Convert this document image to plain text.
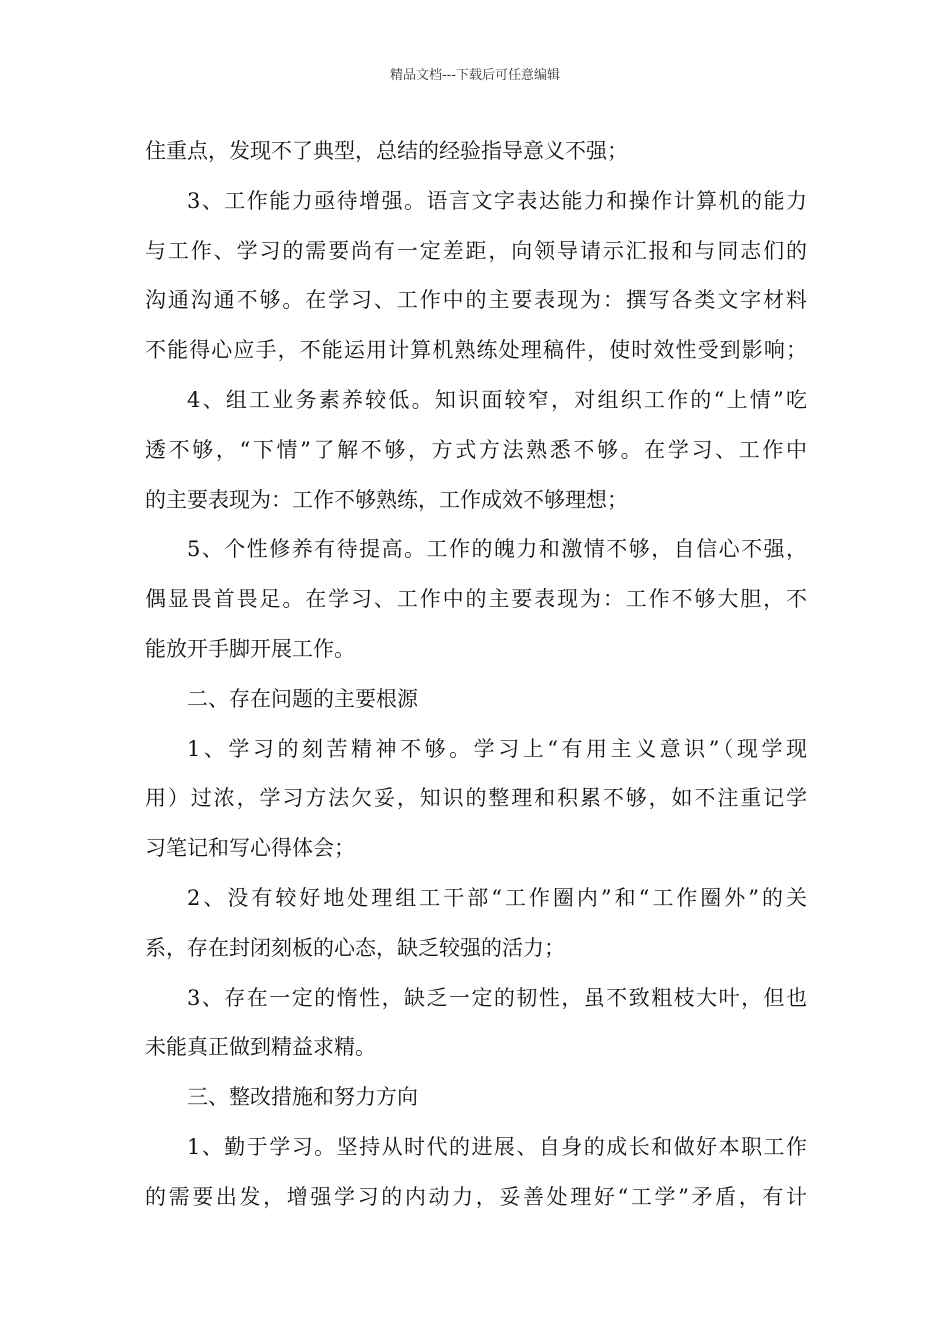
精品文档---下载后可任意编辑
住重点，发现不了典型，总结的经验指导意义不强；
3、工作能力亟待增强。语言文字表达能力和操作计算机的能力
与工作、学习的需要尚有一定差距，向领导请示汇报和与同志们的
沟通沟通不够。在学习、工作中的主要表现为：撰写各类文字材料
不能得心应手，不能运用计算机熟练处理稿件，使时效性受到影响；
4、组工业务素养较低。知识面较窄，对组织工作的“上情”吃
透不够，“下情”了解不够，方式方法熟悉不够。在学习、工作中
的主要表现为：工作不够熟练，工作成效不够理想；
5、个性修养有待提高。工作的魄力和激情不够，自信心不强，
偶显畏首畏足。在学习、工作中的主要表现为：工作不够大胆，不
能放开手脚开展工作。
二、存在问题的主要根源
1、学习的刻苦精神不够。学习上“有用主义意识”（现学现
用）过浓，学习方法欠妥，知识的整理和积累不够，如不注重记学
习笔记和写心得体会；
2、没有较好地处理组工干部“工作圈内”和“工作圈外”的关
系，存在封闭刻板的心态，缺乏较强的活力；
3、存在一定的惰性，缺乏一定的韧性，虽不致粗枝大叶，但也
未能真正做到精益求精。
三、整改措施和努力方向
1、勤于学习。坚持从时代的进展、自身的成长和做好本职工作
的需要出发，增强学习的内动力，妥善处理好“工学”矛盾，有计
